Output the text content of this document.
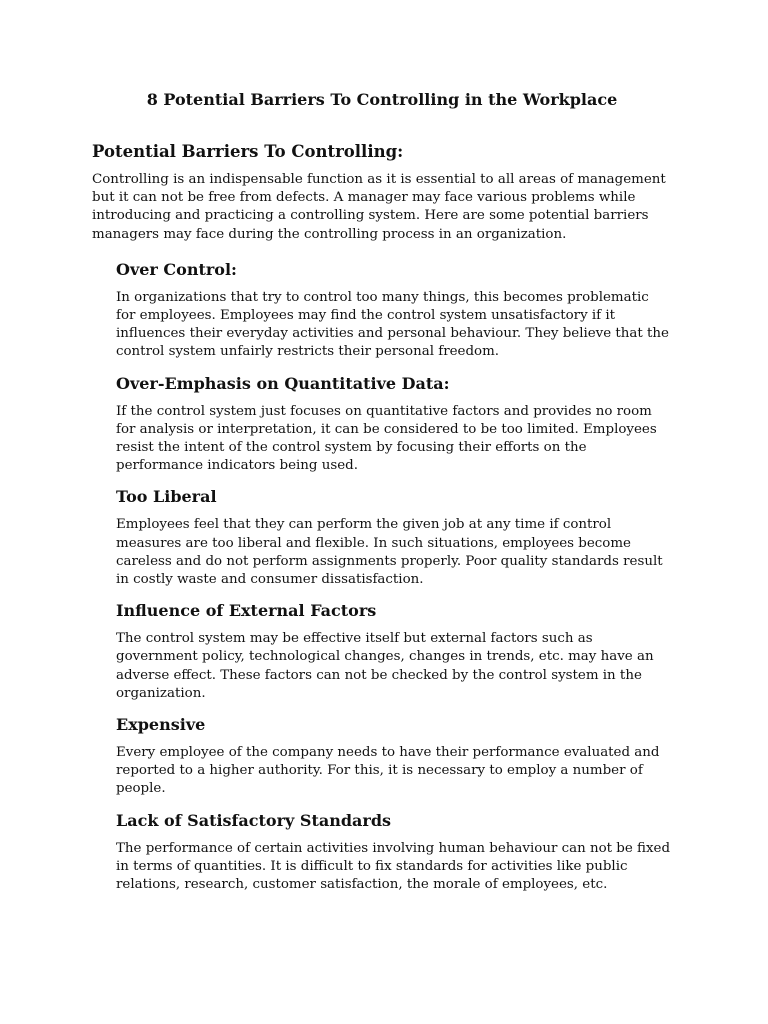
8 Potential Barriers To Controlling in the Workplace
Potential Barriers To Controlling:

Controlling is an indispensable function as it is essential to all areas of management but it can not be free from defects. A manager may face various problems while introducing and practicing a controlling system. Here are some potential barriers managers may face during the controlling process in an organization.

Over Control:

In organizations that try to control too many things, this becomes problematic for employees. Employees may find the control system unsatisfactory if it influences their everyday activities and personal behaviour. They believe that the control system unfairly restricts their personal freedom.

Over-Emphasis on Quantitative Data:

If the control system just focuses on quantitative factors and provides no room for analysis or interpretation, it can be considered to be too limited. Employees resist the intent of the control system by focusing their efforts on the performance indicators being used.

Too Liberal

Employees feel that they can perform the given job at any time if control measures are too liberal and flexible. In such situations, employees become careless and do not perform assignments properly. Poor quality standards result in costly waste and consumer dissatisfaction.

Influence of External Factors

The control system may be effective itself but external factors such as government policy, technological changes, changes in trends, etc. may have an adverse effect. These factors can not be checked by the control system in the organization.

Expensive

Every employee of the company needs to have their performance evaluated and reported to a higher authority. For this, it is necessary to employ a number of people.

Lack of Satisfactory Standards

The performance of certain activities involving human behaviour can not be fixed in terms of quantities. It is difficult to fix standards for activities like public relations, research, customer satisfaction, the morale of employees, etc.
